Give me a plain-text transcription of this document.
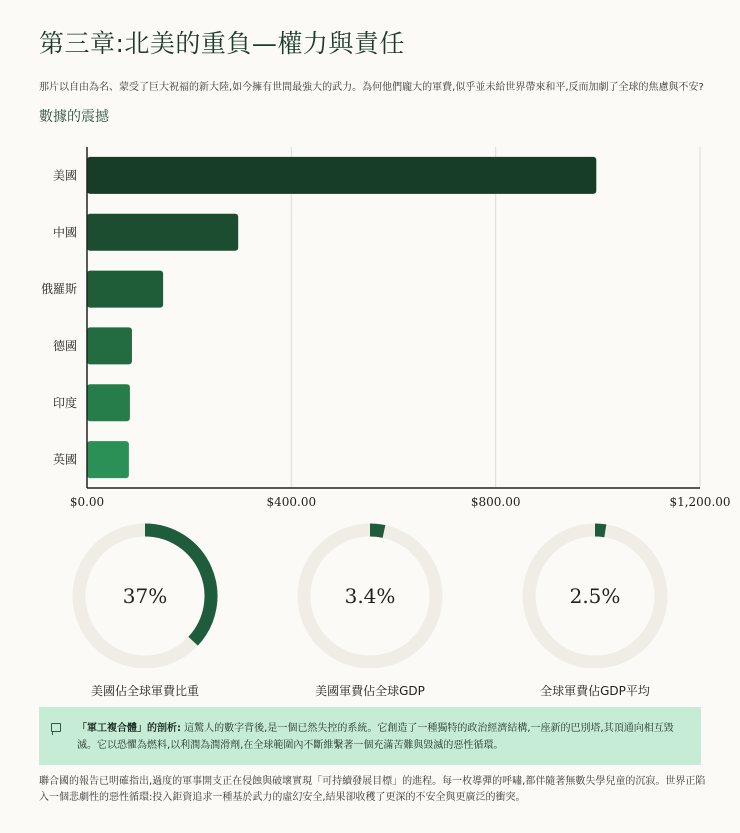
第三章:北美的重負—權力與責任
那片以自由為名、蒙受了巨大祝福的新大陸,如今擁有世間最強大的武力。為何他們龐大的軍費,似乎並未給世界帶來和平,反而加劇了全球的焦慮與不安?
數據的震撼
美國
中國
俄羅斯
德國
印度
英國
$0.00	$400.00	$800.00	$1,200.00
37%
美國佔全球軍費比重
3.4%
美國軍費佔全球GDP
2.5%
全球軍費佔GDP平均
「軍工複合體」的剖析: 這驚人的數字背後,是一個已然失控的系統。它創造了一種獨特的政治經濟結構,一座新的巴別塔,其頂通向相互毀滅。它以恐懼為燃料,以利潤為潤滑劑,在全球範圍內不斷維繫著一個充滿苦難與毀滅的惡性循環。
聯合國的報告已明確指出,過度的軍事開支正在侵蝕與破壞實現「可持續發展目標」的進程。每一枚導彈的呼嘯,都伴隨著無數失學兒童的沉寂。世界正陷入一個悲劇性的惡性循環:投入鉅資追求一種基於武力的虛幻安全,結果卻收穫了更深的不安全與更廣泛的衝突。
